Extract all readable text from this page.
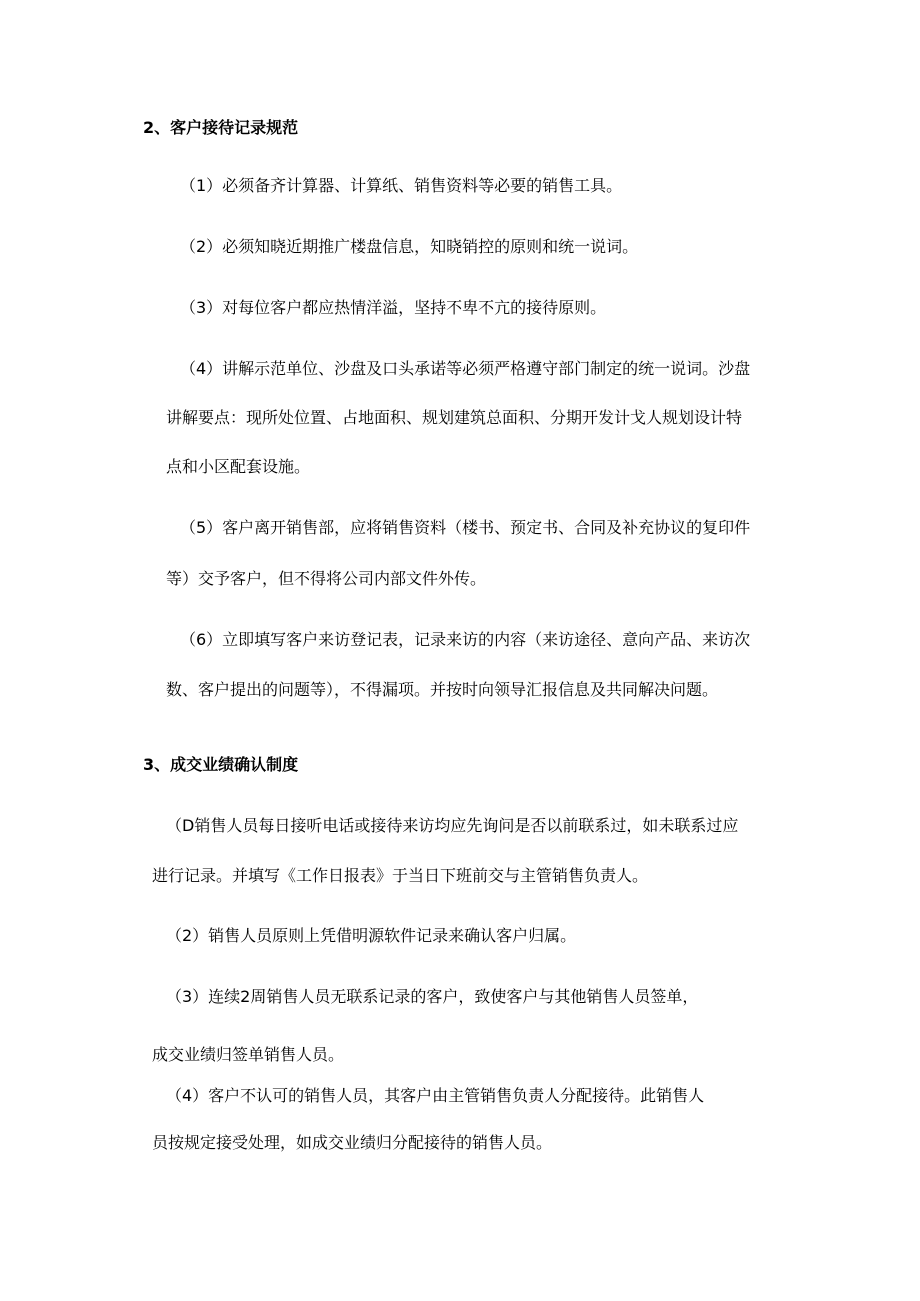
2、客户接待记录规范
（1）必须备齐计算器、计算纸、销售资料等必要的销售工具。
（2）必须知晓近期推广楼盘信息，知晓销控的原则和统一说词。
（3）对每位客户都应热情洋溢，坚持不卑不亢的接待原则。
（4）讲解示范单位、沙盘及口头承诺等必须严格遵守部门制定的统一说词。沙盘
讲解要点：现所处位置、占地面积、规划建筑总面积、分期开发计戈人规划设计特
点和小区配套设施。
（5）客户离开销售部，应将销售资料（楼书、预定书、合同及补充协议的复印件
等）交予客户，但不得将公司内部文件外传。
（6）立即填写客户来访登记表，记录来访的内容（来访途径、意向产品、来访次
数、客户提出的问题等），不得漏项。并按时向领导汇报信息及共同解决问题。
3、成交业绩确认制度
（D销售人员每日接听电话或接待来访均应先询问是否以前联系过，如未联系过应
进行记录。并填写《工作日报表》于当日下班前交与主管销售负责人。
（2）销售人员原则上凭借明源软件记录来确认客户归属。
（3）连续2周销售人员无联系记录的客户，致使客户与其他销售人员签单，
成交业绩归签单销售人员。
（4）客户不认可的销售人员，其客户由主管销售负责人分配接待。此销售人
员按规定接受处理，如成交业绩归分配接待的销售人员。
